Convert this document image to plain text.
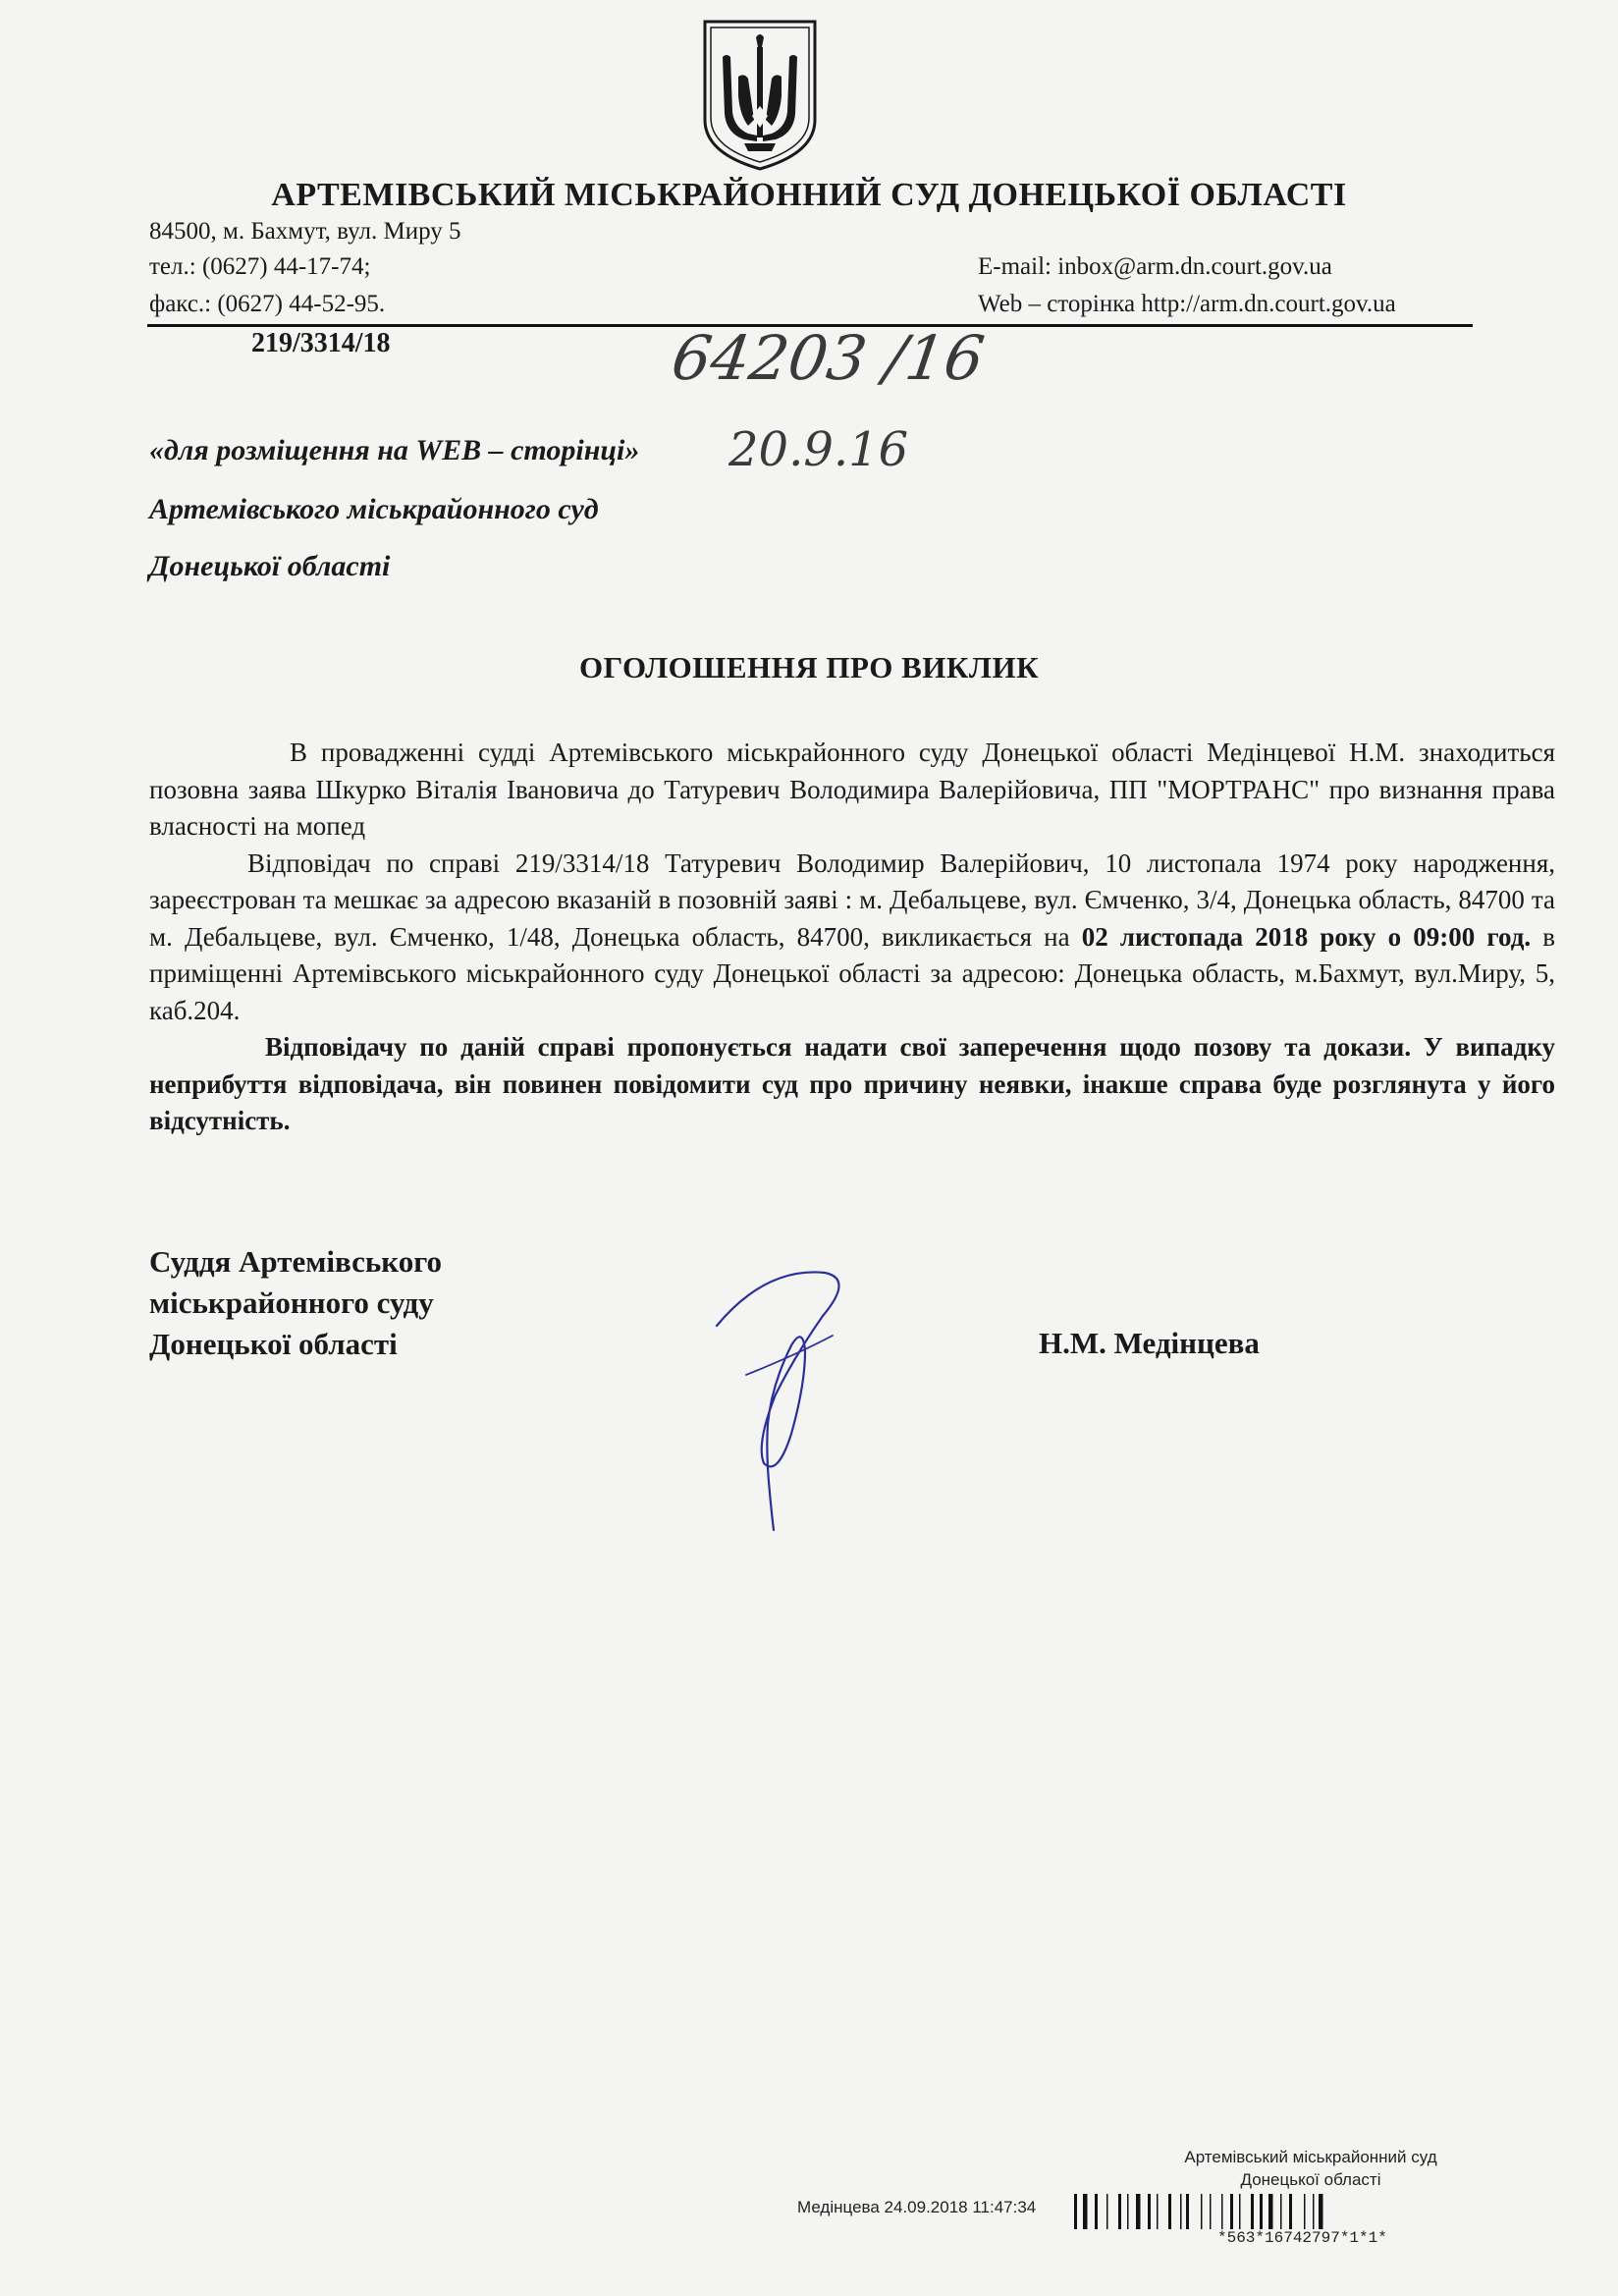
АРТЕМІВСЬКИЙ МІСЬКРАЙОННИЙ СУД ДОНЕЦЬКОЇ ОБЛАСТІ
84500, м. Бахмут, вул. Миру 5
тел.: (0627) 44-17-74;
факс.: (0627) 44-52-95.
E-mail: inbox@arm.dn.court.gov.ua
Web – сторінка http://arm.dn.court.gov.ua
219/3314/18	64203 /16
20.9.16
«для розміщення на WEB – сторінці»
Артемівського міськрайонного суд
Донецької області
ОГОЛОШЕННЯ ПРО ВИКЛИК

В провадженні судді Артемівського міськрайонного суду Донецької області Медінцевої Н.М. знаходиться позовна заява Шкурко Віталія Івановича до Татуревич Володимира Валерійовича, ПП "МОРТРАНС" про визнання права власності на мопед

Відповідач по справі 219/3314/18 Татуревич Володимир Валерійович, 10 листопала 1974 року народження, зареєстрован та мешкає за адресою вказаній в позовній заяві : м. Дебальцеве, вул. Ємченко, 3/4, Донецька область, 84700 та м. Дебальцеве, вул. Ємченко, 1/48, Донецька область, 84700, викликається на 02 листопада 2018 року о 09:00 год. в приміщенні Артемівського міськрайонного суду Донецької області за адресою: Донецька область, м.Бахмут, вул.Миру, 5, каб.204.

Відповідачу по даній справі пропонується надати свої заперечення щодо позову та докази. У випадку неприбуття відповідача, він повинен повідомити суд про причину неявки, інакше справа буде розглянута у його відсутність.

Суддя Артемівського
міськрайонного суду
Донецької області	Н.М. Медінцева
Артемівський міськрайонний суд
Донецької області
Медінцева 24.09.2018 11:47:34
*563*16742797*1*1*
